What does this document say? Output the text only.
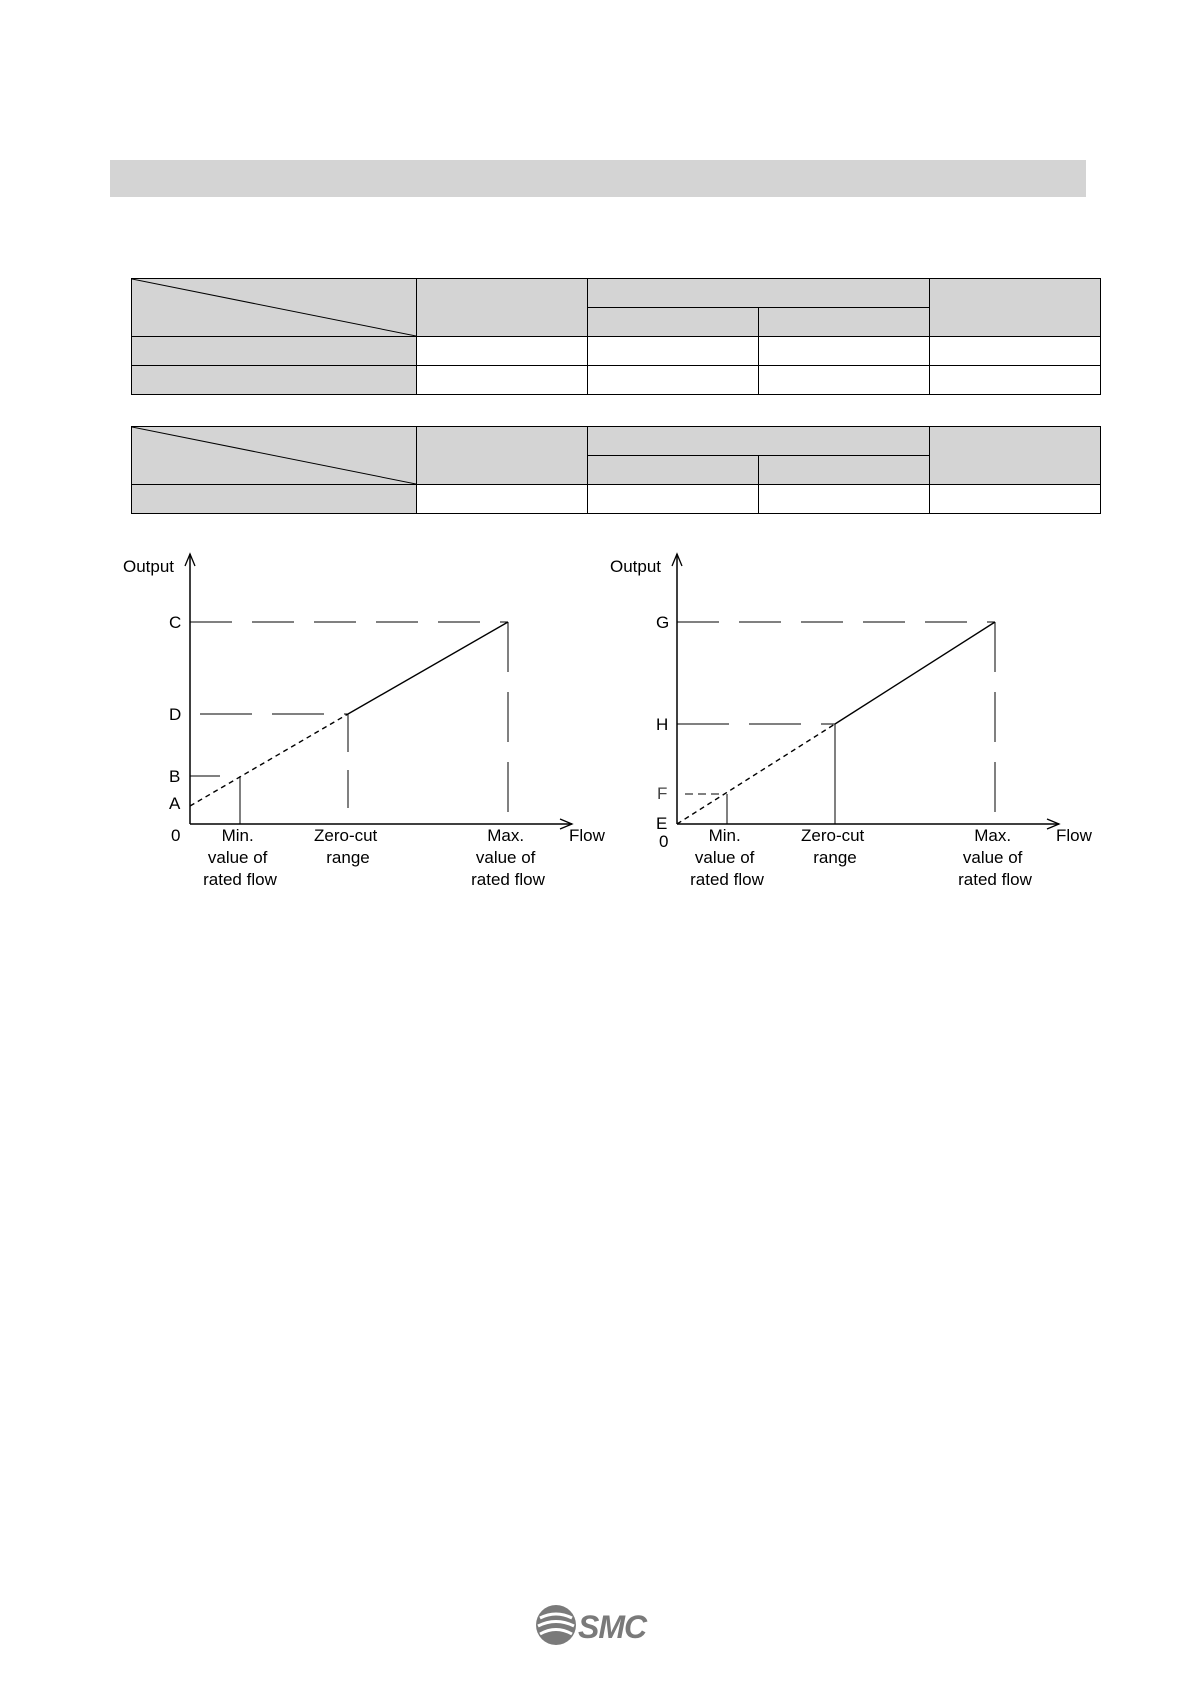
Output
Flow
0
C
D
B
A
Min. value of rated flow
Zero-cut range
Max. value of rated flow
Output
Flow
0
G
H
F
E
Min. value of rated flow
Zero-cut range
Max. value of rated flow
SMC
